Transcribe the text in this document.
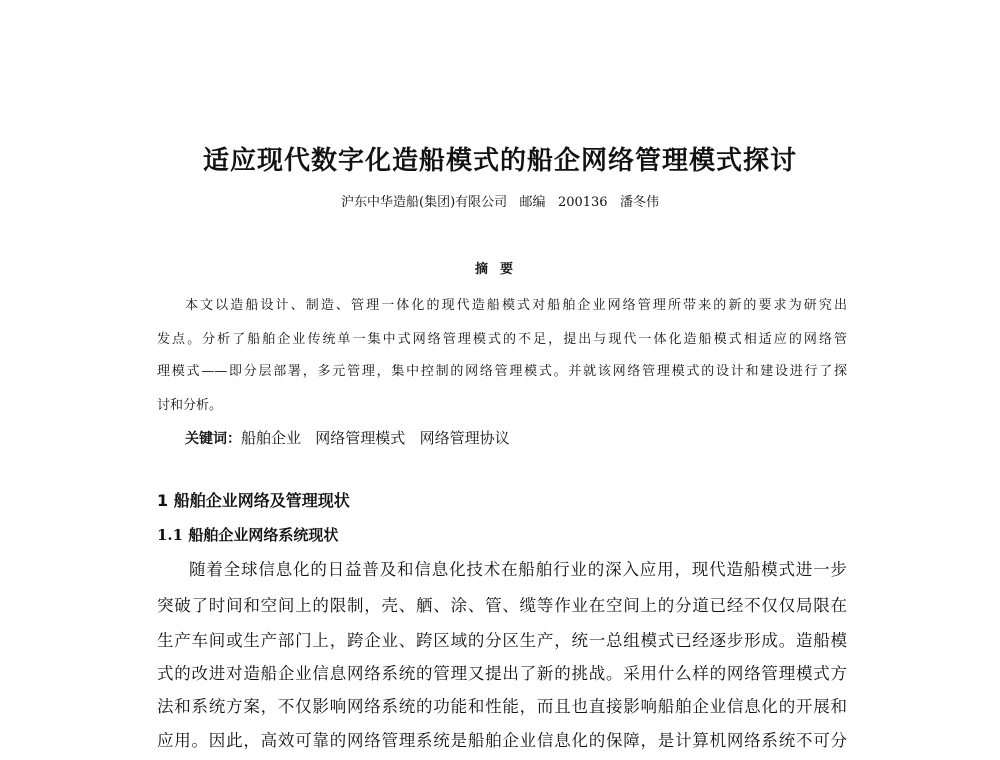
适应现代数字化造船模式的船企网络管理模式探讨
沪东中华造船(集团)有限公司   邮编   200136   潘冬伟
摘要

本文以造船设计、制造、管理一体化的现代造船模式对船舶企业网络管理所带来的新的要求为研究出

发点。分析了船舶企业传统单一集中式网络管理模式的不足，提出与现代一体化造船模式相适应的网络管

理模式——即分层部署，多元管理，集中控制的网络管理模式。并就该网络管理模式的设计和建设进行了探

讨和分析。

关键词：船舶企业   网络管理模式   网络管理协议
1 船舶企业网络及管理现状
1.1 船舶企业网络系统现状

随着全球信息化的日益普及和信息化技术在船舶行业的深入应用，现代造船模式进一步

突破了时间和空间上的限制，壳、舾、涂、管、缆等作业在空间上的分道已经不仅仅局限在

生产车间或生产部门上，跨企业、跨区域的分区生产，统一总组模式已经逐步形成。造船模

式的改进对造船企业信息网络系统的管理又提出了新的挑战。采用什么样的网络管理模式方

法和系统方案，不仅影响网络系统的功能和性能，而且也直接影响船舶企业信息化的开展和

应用。因此，高效可靠的网络管理系统是船舶企业信息化的保障，是计算机网络系统不可分
